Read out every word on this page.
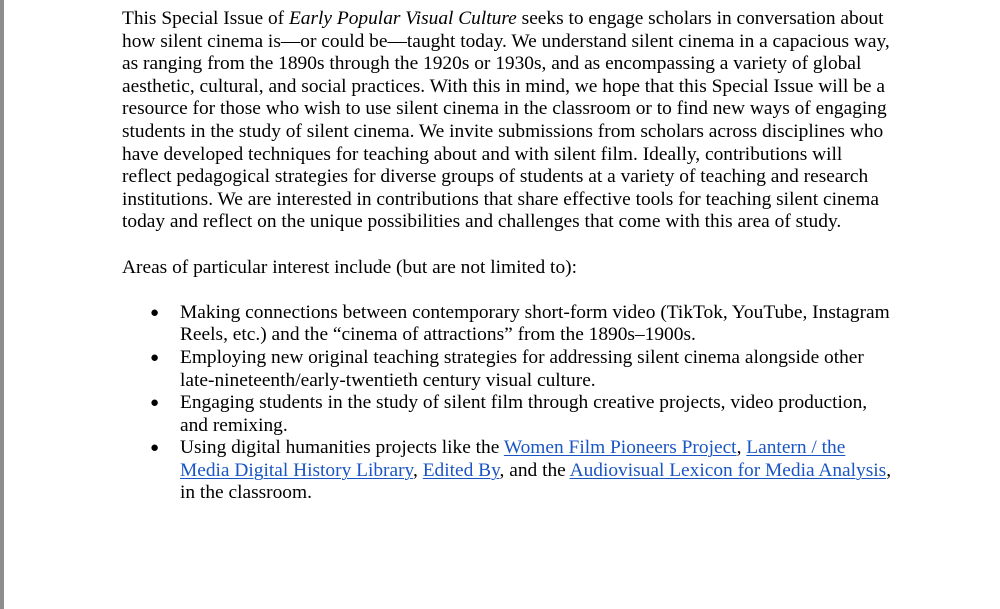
This Special Issue of Early Popular Visual Culture seeks to engage scholars in conversation about how silent cinema is—or could be—taught today. We understand silent cinema in a capacious way, as ranging from the 1890s through the 1920s or 1930s, and as encompassing a variety of global aesthetic, cultural, and social practices. With this in mind, we hope that this Special Issue will be a resource for those who wish to use silent cinema in the classroom or to find new ways of engaging students in the study of silent cinema. We invite submissions from scholars across disciplines who have developed techniques for teaching about and with silent film. Ideally, contributions will reflect pedagogical strategies for diverse groups of students at a variety of teaching and research institutions. We are interested in contributions that share effective tools for teaching silent cinema today and reflect on the unique possibilities and challenges that come with this area of study.

Areas of particular interest include (but are not limited to):

● Making connections between contemporary short-form video (TikTok, YouTube, Instagram Reels, etc.) and the “cinema of attractions” from the 1890s–1900s.
● Employing new original teaching strategies for addressing silent cinema alongside other late-nineteenth/early-twentieth century visual culture.
● Engaging students in the study of silent film through creative projects, video production, and remixing.
● Using digital humanities projects like the Women Film Pioneers Project, Lantern / the Media Digital History Library, Edited By, and the Audiovisual Lexicon for Media Analysis, in the classroom.
